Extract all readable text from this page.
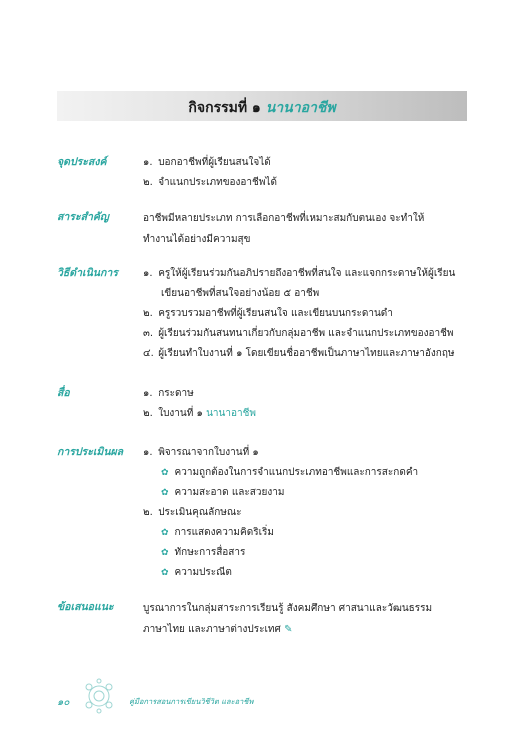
กิจกรรมที่ ๑ นานาอาชีพ
จุดประสงค์	๑. บอกอาชีพที่ผู้เรียนสนใจได้
๒. จำแนกประเภทของอาชีพได้
สาระสำคัญ	อาชีพมีหลายประเภท การเลือกอาชีพที่เหมาะสมกับตนเอง จะทำให้
ทำงานได้อย่างมีความสุข
วิธีดำเนินการ	๑. ครูให้ผู้เรียนร่วมกันอภิปรายถึงอาชีพที่สนใจ และแจกกระดาษให้ผู้เรียน
เขียนอาชีพที่สนใจอย่างน้อย ๕ อาชีพ
๒. ครูรวบรวมอาชีพที่ผู้เรียนสนใจ และเขียนบนกระดานดำ
๓. ผู้เรียนร่วมกันสนทนาเกี่ยวกับกลุ่มอาชีพ และจำแนกประเภทของอาชีพ
๔. ผู้เรียนทำใบงานที่ ๑ โดยเขียนชื่ออาชีพเป็นภาษาไทยและภาษาอังกฤษ
สื่อ	๑. กระดาษ
๒. ใบงานที่ ๑ นานาอาชีพ
การประเมินผล	๑. พิจารณาจากใบงานที่ ๑
✿ ความถูกต้องในการจำแนกประเภทอาชีพและการสะกดคำ
✿ ความสะอาด และสวยงาม
๒. ประเมินคุณลักษณะ
✿ การแสดงความคิดริเริ่ม
✿ ทักษะการสื่อสาร
✿ ความประณีต
ข้อเสนอแนะ	บูรณาการในกลุ่มสาระการเรียนรู้ สังคมศึกษา ศาสนาและวัฒนธรรม
ภาษาไทย และภาษาต่างประเทศ ✎
๑๐	คู่มือการสอนการเขียนวิชีวิต และอาชีพ
